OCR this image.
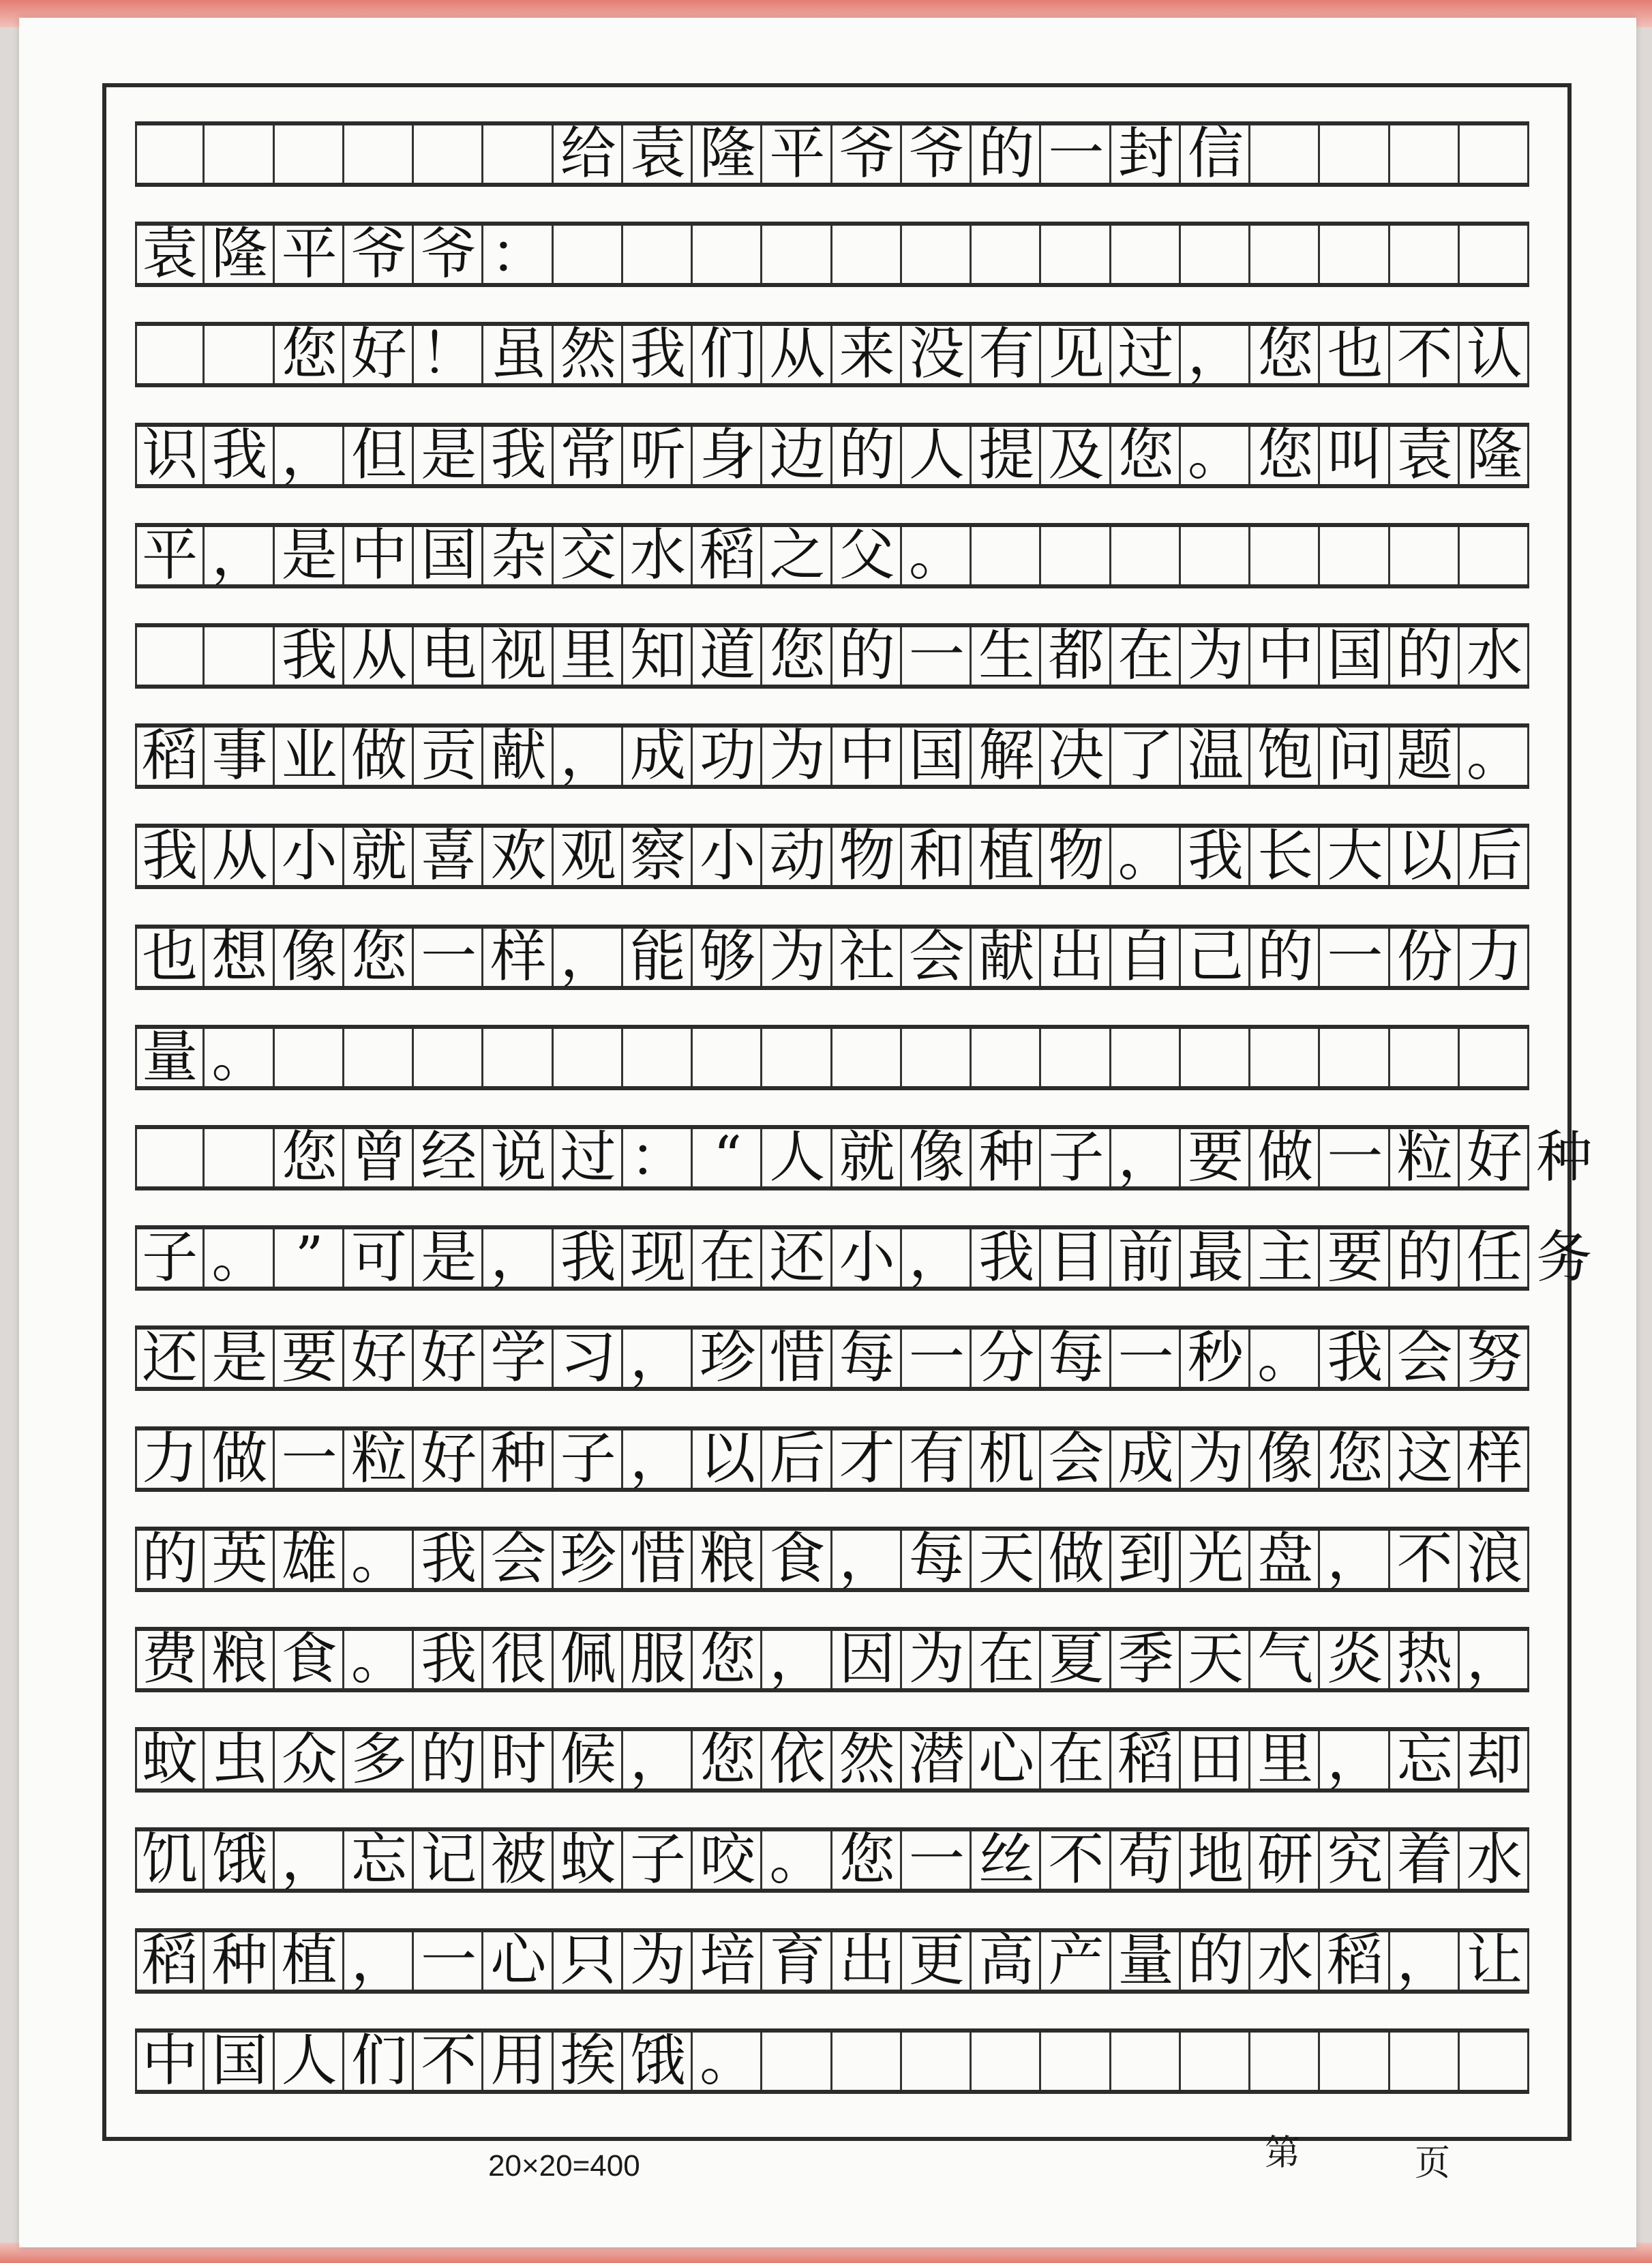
给 袁 隆 平 爷 爷 的 一 封 信
袁 隆 平 爷 爷 ：
您 好 ！ 虽 然 我 们 从 来 没 有 见 过 ， 您 也 不 认
识 我 ， 但 是 我 常 听 身 边 的 人 提 及 您 。 您 叫 袁 隆
平 ， 是 中 国 杂 交 水 稻 之 父 。
我 从 电 视 里 知 道 您 的 一 生 都 在 为 中 国 的 水
稻 事 业 做 贡 献 ， 成 功 为 中 国 解 决 了 温 饱 问 题 。
我 从 小 就 喜 欢 观 察 小 动 物 和 植 物 。 我 长 大 以 后
也 想 像 您 一 样 ， 能 够 为 社 会 献 出 自 己 的 一 份 力
量 。
您 曾 经 说 过 ： “ 人 就 像 种 子 ， 要 做 一 粒 好 种
子 。 ” 可 是 ， 我 现 在 还 小 ， 我 目 前 最 主 要 的 任 务
还 是 要 好 好 学 习 ， 珍 惜 每 一 分 每 一 秒 。 我 会 努
力 做 一 粒 好 种 子 ， 以 后 才 有 机 会 成 为 像 您 这 样
的 英 雄 。 我 会 珍 惜 粮 食 ， 每 天 做 到 光 盘 ， 不 浪
费 粮 食 。 我 很 佩 服 您 ， 因 为 在 夏 季 天 气 炎 热 ，
蚊 虫 众 多 的 时 候 ， 您 依 然 潜 心 在 稻 田 里 ， 忘 却
饥 饿 ， 忘 记 被 蚊 子 咬 。 您 一 丝 不 苟 地 研 究 着 水
稻 种 植 ， 一 心 只 为 培 育 出 更 高 产 量 的 水 稻 ， 让
中 国 人 们 不 用 挨 饿 。
20×20=400	第	页
